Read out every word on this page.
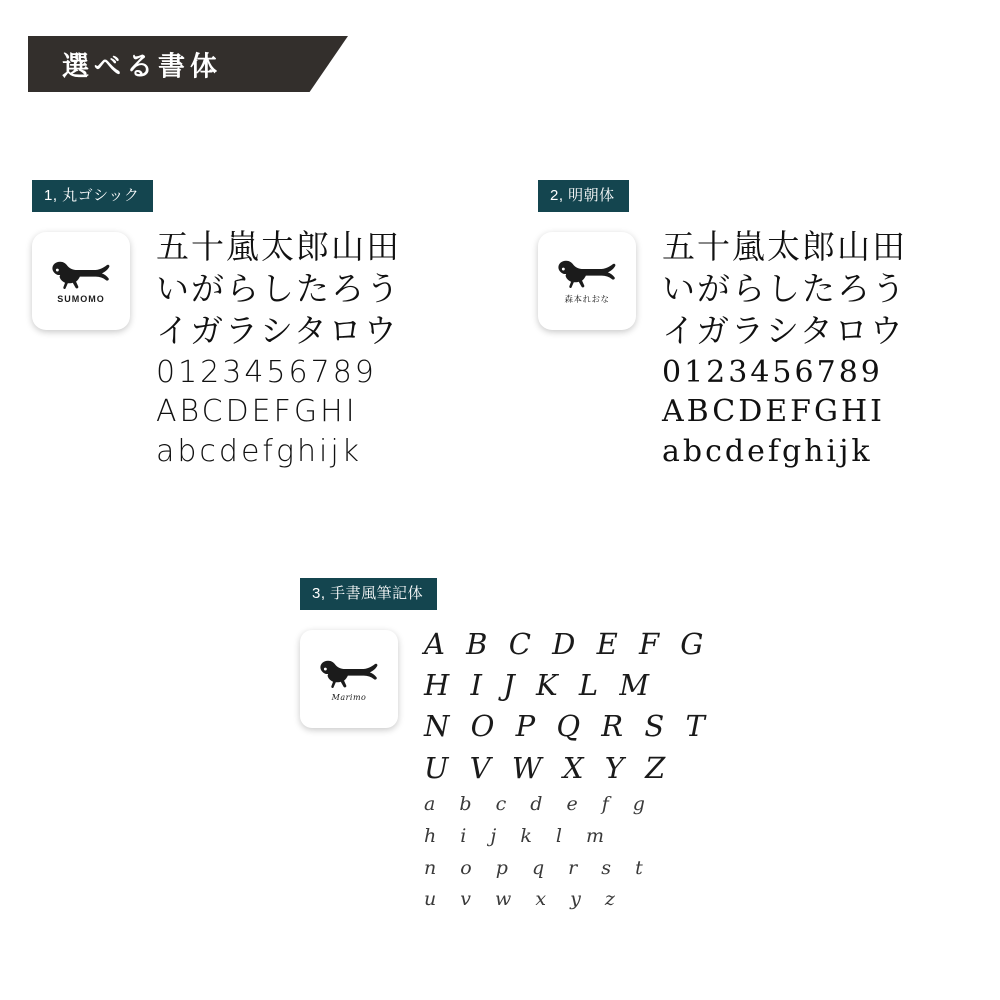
選べる書体
1, 丸ゴシック
SUMOMO
五十嵐太郎山田
いがらしたろう
イガラシタロウ
0123456789
ABCDEFGHI
abcdefghijk
2, 明朝体
森本れおな
五十嵐太郎山田
いがらしたろう
イガラシタロウ
0123456789
ABCDEFGHI
abcdefghijk
3, 手書風筆記体
Marimo
A B C D E F G
H I J K L M
N O P Q R S T
U V W X Y Z
a b c d e f g
h i j k l m
n o p q r s t
u v w x y z
